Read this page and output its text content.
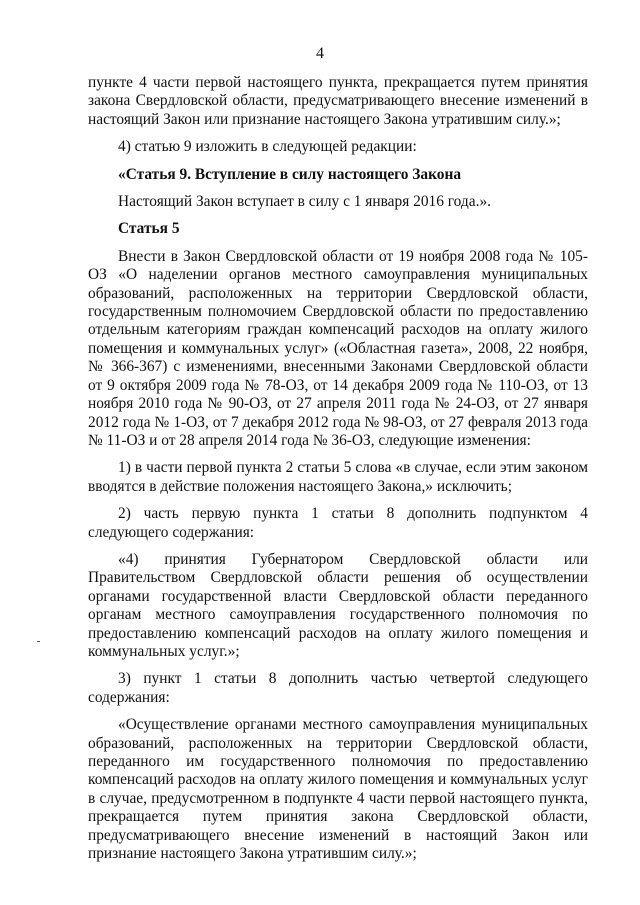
4

пункте 4 части первой настоящего пункта, прекращается путем принятия закона Свердловской области, предусматривающего внесение изменений в настоящий Закон или признание настоящего Закона утратившим силу.»;

4) статью 9 изложить в следующей редакции:

«Статья 9. Вступление в силу настоящего Закона

Настоящий Закон вступает в силу с 1 января 2016 года.».

Статья 5

Внести в Закон Свердловской области от 19 ноября 2008 года № 105-ОЗ «О наделении органов местного самоуправления муниципальных образований, расположенных на территории Свердловской области, государственным полномочием Свердловской области по предоставлению отдельным категориям граждан компенсаций расходов на оплату жилого помещения и коммунальных услуг» («Областная газета», 2008, 22 ноября, № 366-367) с изменениями, внесенными Законами Свердловской области от 9 октября 2009 года № 78-ОЗ, от 14 декабря 2009 года № 110-ОЗ, от 13 ноября 2010 года № 90-ОЗ, от 27 апреля 2011 года № 24-ОЗ, от 27 января 2012 года № 1-ОЗ, от 7 декабря 2012 года № 98-ОЗ, от 27 февраля 2013 года № 11-ОЗ и от 28 апреля 2014 года № 36-ОЗ, следующие изменения:

1) в части первой пункта 2 статьи 5 слова «в случае, если этим законом вводятся в действие положения настоящего Закона,» исключить;

2) часть первую пункта 1 статьи 8 дополнить подпунктом 4 следующего содержания:

«4) принятия Губернатором Свердловской области или Правительством Свердловской области решения об осуществлении органами государственной власти Свердловской области переданного органам местного самоуправления государственного полномочия по предоставлению компенсаций расходов на оплату жилого помещения и коммунальных услуг.»;

3) пункт 1 статьи 8 дополнить частью четвертой следующего содержания:

«Осуществление органами местного самоуправления муниципальных образований, расположенных на территории Свердловской области, переданного им государственного полномочия по предоставлению компенсаций расходов на оплату жилого помещения и коммунальных услуг в случае, предусмотренном в подпункте 4 части первой настоящего пункта, прекращается путем принятия закона Свердловской области, предусматривающего внесение изменений в настоящий Закон или признание настоящего Закона утратившим силу.»;
